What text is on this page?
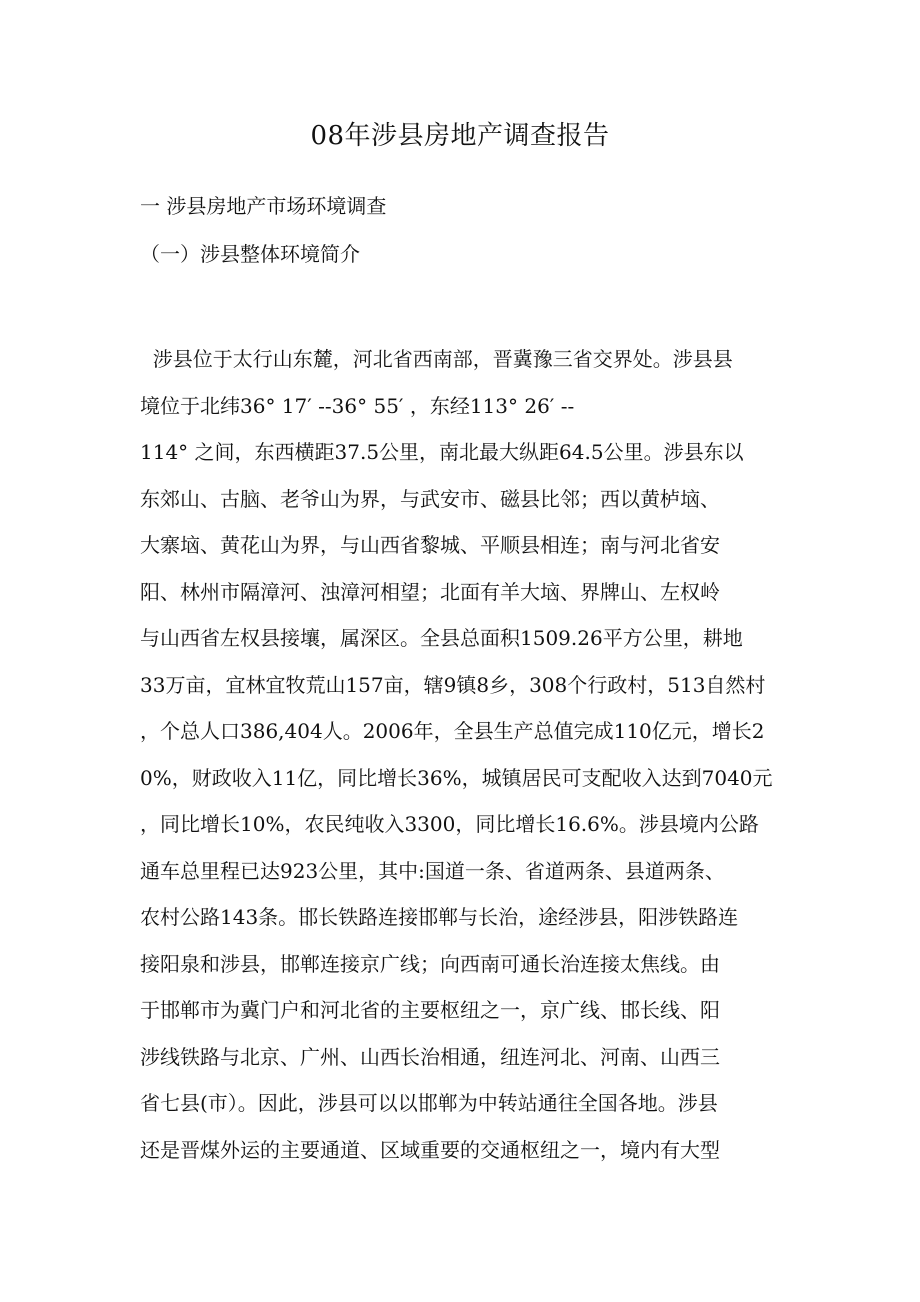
08年涉县房地产调查报告
一 涉县房地产市场环境调查
（一）涉县整体环境简介
涉县位于太行山东麓，河北省西南部，晋冀豫三省交界处。涉县县
境位于北纬36° 17′ --36° 55′ ，东经113° 26′ --
114° 之间，东西横距37.5公里，南北最大纵距64.5公里。涉县东以
东郊山、古脑、老爷山为界，与武安市、磁县比邻；西以黄栌垴、
大寨垴、黄花山为界，与山西省黎城、平顺县相连；南与河北省安
阳、林州市隔漳河、浊漳河相望；北面有羊大垴、界牌山、左权岭
与山西省左权县接壤，属深区。全县总面积1509.26平方公里，耕地
33万亩，宜林宜牧荒山157亩，辖9镇8乡，308个行政村，513自然村
，个总人口386,404人。2006年，全县生产总值完成110亿元，增长2
0%，财政收入11亿，同比增长36%，城镇居民可支配收入达到7040元
，同比增长10%，农民纯收入3300，同比增长16.6%。涉县境内公路
通车总里程已达923公里，其中:国道一条、省道两条、县道两条、
农村公路143条。邯长铁路连接邯郸与长治，途经涉县，阳涉铁路连
接阳泉和涉县，邯郸连接京广线；向西南可通长治连接太焦线。由
于邯郸市为冀门户和河北省的主要枢纽之一，京广线、邯长线、阳
涉线铁路与北京、广州、山西长治相通，纽连河北、河南、山西三
省七县(市）。因此，涉县可以以邯郸为中转站通往全国各地。涉县
还是晋煤外运的主要通道、区域重要的交通枢纽之一，境内有大型
